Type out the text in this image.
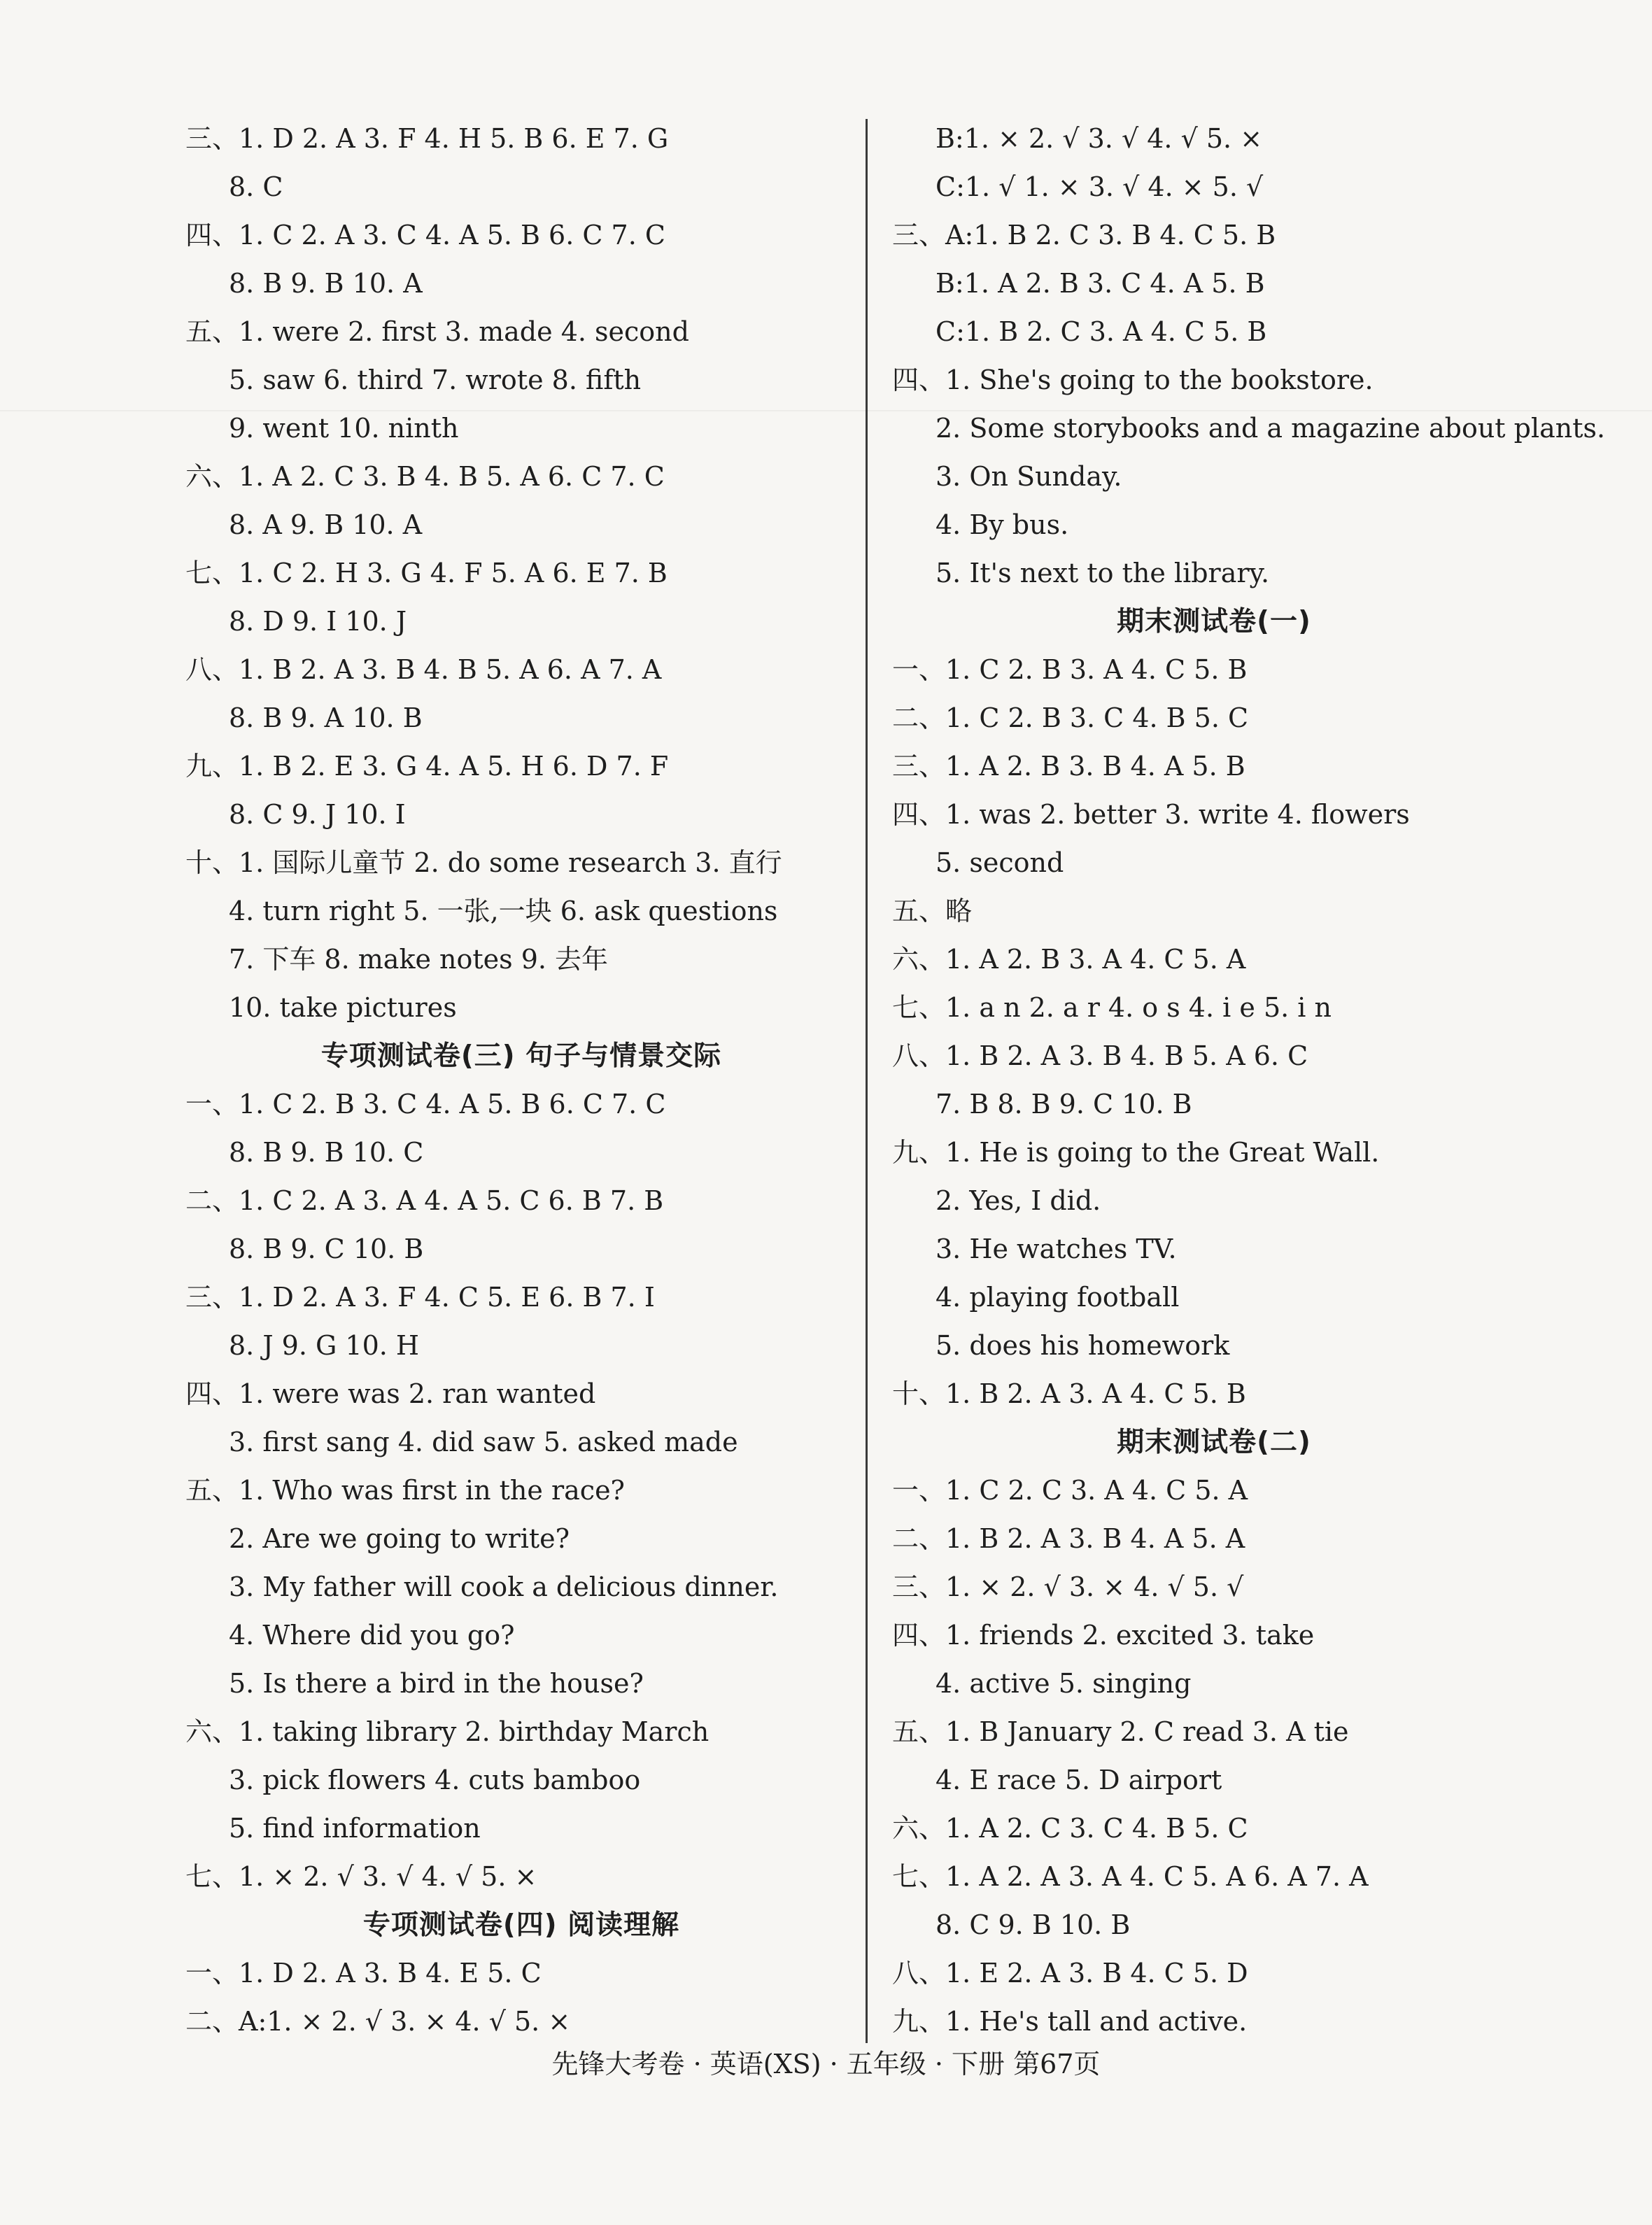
三、1. D 2. A 3. F 4. H 5. B 6. E 7. G
8. C
四、1. C 2. A 3. C 4. A 5. B 6. C 7. C
8. B 9. B 10. A
五、1. were 2. first 3. made 4. second
5. saw 6. third 7. wrote 8. fifth
9. went 10. ninth
六、1. A 2. C 3. B 4. B 5. A 6. C 7. C
8. A 9. B 10. A
七、1. C 2. H 3. G 4. F 5. A 6. E 7. B
8. D 9. I 10. J
八、1. B 2. A 3. B 4. B 5. A 6. A 7. A
8. B 9. A 10. B
九、1. B 2. E 3. G 4. A 5. H 6. D 7. F
8. C 9. J 10. I
十、1. 国际儿童节 2. do some research 3. 直行
4. turn right 5. 一张,一块 6. ask questions
7. 下车 8. make notes 9. 去年
10. take pictures
专项测试卷(三) 句子与情景交际
一、1. C 2. B 3. C 4. A 5. B 6. C 7. C
8. B 9. B 10. C
二、1. C 2. A 3. A 4. A 5. C 6. B 7. B
8. B 9. C 10. B
三、1. D 2. A 3. F 4. C 5. E 6. B 7. I
8. J 9. G 10. H
四、1. were was 2. ran wanted
3. first sang 4. did saw 5. asked made
五、1. Who was first in the race?
2. Are we going to write?
3. My father will cook a delicious dinner.
4. Where did you go?
5. Is there a bird in the house?
六、1. taking library 2. birthday March
3. pick flowers 4. cuts bamboo
5. find information
七、1. × 2. √ 3. √ 4. √ 5. ×
专项测试卷(四) 阅读理解
一、1. D 2. A 3. B 4. E 5. C
二、A:1. × 2. √ 3. × 4. √ 5. ×
B:1. × 2. √ 3. √ 4. √ 5. ×
C:1. √ 1. × 3. √ 4. × 5. √
三、A:1. B 2. C 3. B 4. C 5. B
B:1. A 2. B 3. C 4. A 5. B
C:1. B 2. C 3. A 4. C 5. B
四、1. She's going to the bookstore.
2. Some storybooks and a magazine about plants.
3. On Sunday.
4. By bus.
5. It's next to the library.
期末测试卷(一)
一、1. C 2. B 3. A 4. C 5. B
二、1. C 2. B 3. C 4. B 5. C
三、1. A 2. B 3. B 4. A 5. B
四、1. was 2. better 3. write 4. flowers
5. second
五、略
六、1. A 2. B 3. A 4. C 5. A
七、1. a n 2. a r 4. o s 4. i e 5. i n
八、1. B 2. A 3. B 4. B 5. A 6. C
7. B 8. B 9. C 10. B
九、1. He is going to the Great Wall.
2. Yes, I did.
3. He watches TV.
4. playing football
5. does his homework
十、1. B 2. A 3. A 4. C 5. B
期末测试卷(二)
一、1. C 2. C 3. A 4. C 5. A
二、1. B 2. A 3. B 4. A 5. A
三、1. × 2. √ 3. × 4. √ 5. √
四、1. friends 2. excited 3. take
4. active 5. singing
五、1. B January 2. C read 3. A tie
4. E race 5. D airport
六、1. A 2. C 3. C 4. B 5. C
七、1. A 2. A 3. A 4. C 5. A 6. A 7. A
8. C 9. B 10. B
八、1. E 2. A 3. B 4. C 5. D
九、1. He's tall and active.
先锋大考卷 · 英语(XS) · 五年级 · 下册 第67页
